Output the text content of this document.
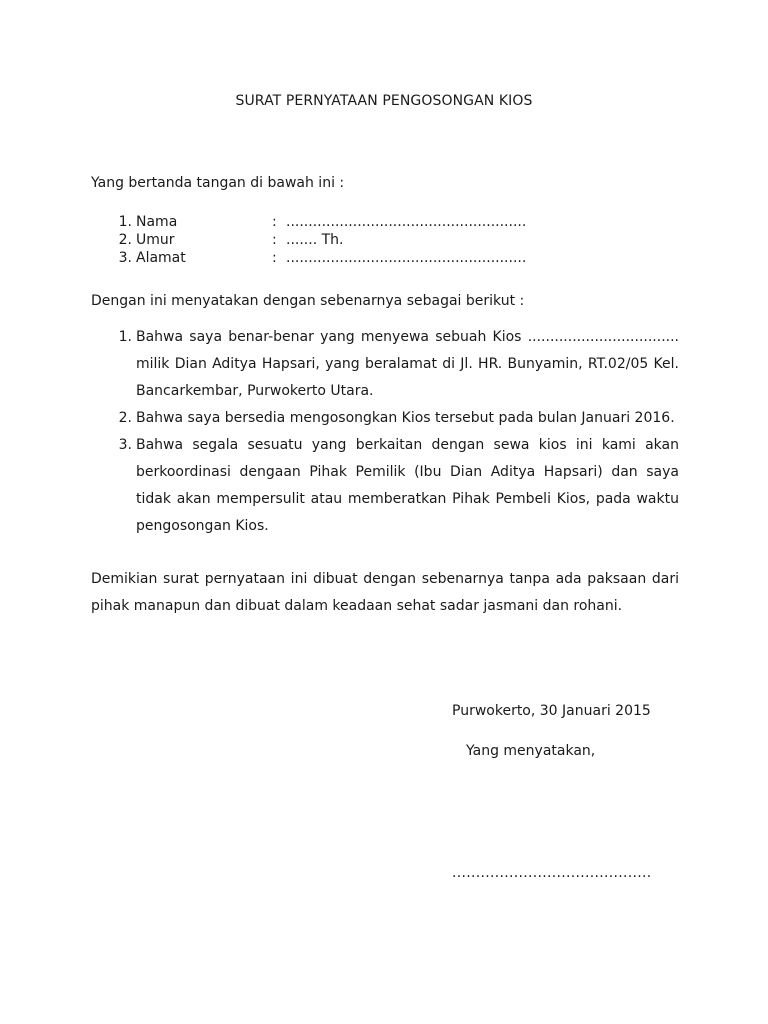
SURAT PERNYATAAN PENGOSONGAN KIOS
Yang bertanda tangan di bawah ini :
1. Nama	: ......................................................
2. Umur	: ....... Th.
3. Alamat	: ......................................................
Dengan ini menyatakan dengan sebenarnya sebagai berikut :
1. Bahwa saya benar-benar yang menyewa sebuah Kios .................................. milik Dian Aditya Hapsari, yang beralamat di Jl. HR. Bunyamin, RT.02/05 Kel. Bancarkembar, Purwokerto Utara.
2. Bahwa saya bersedia mengosongkan Kios tersebut pada bulan Januari 2016.
3. Bahwa segala sesuatu yang berkaitan dengan sewa kios ini kami akan berkoordinasi dengaan Pihak Pemilik (Ibu Dian Aditya Hapsari) dan saya tidak akan mempersulit atau memberatkan Pihak Pembeli Kios, pada waktu pengosongan Kios.
Demikian surat pernyataan ini dibuat dengan sebenarnya tanpa ada paksaan dari pihak manapun dan dibuat dalam keadaan sehat sadar jasmani dan rohani.
Purwokerto, 30 Januari 2015
Yang menyatakan,
..........................................
